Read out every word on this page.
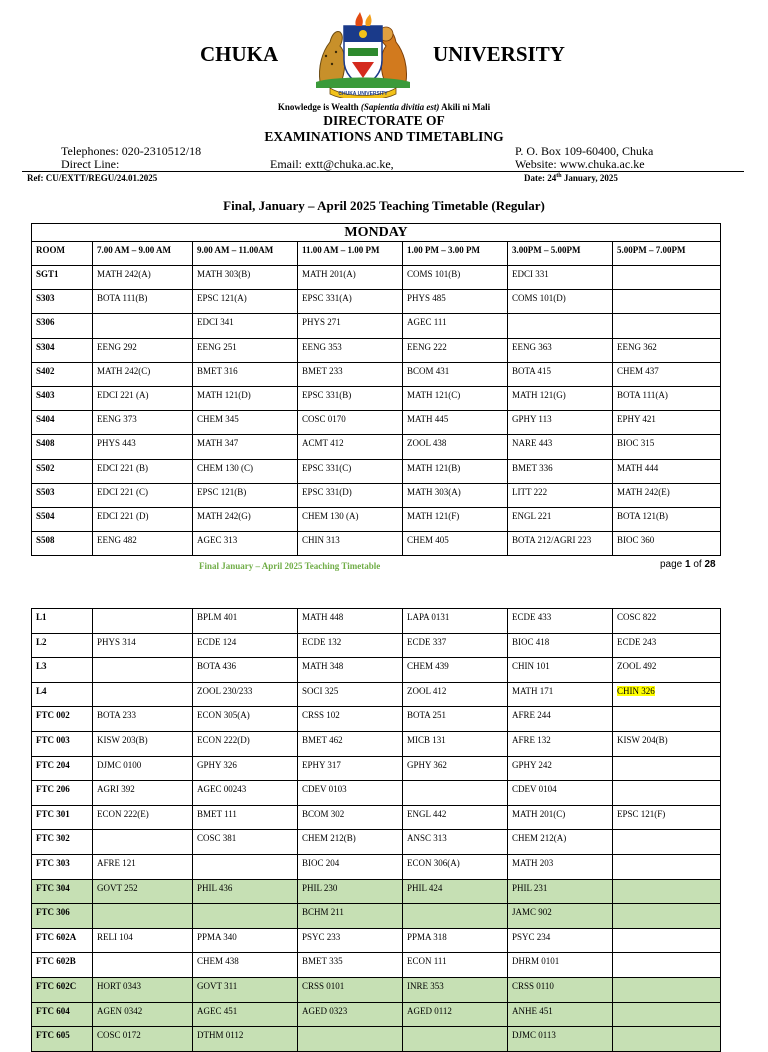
CHUKA	UNIVERSITY
CHUKA UNIVERSITY
Knowledge is Wealth (Sapientia divitia est) Akili ni Mali
DIRECTORATE OF
EXAMINATIONS AND TIMETABLING
Telephones: 020-2310512/18
Direct Line:	Email: extt@chuka.ac.ke,
P. O. Box 109-60400, Chuka
Website: www.chuka.ac.ke
Ref: CU/EXTT/REGU/24.01.2025	Date: 24th January, 2025
Final, January – April 2025 Teaching Timetable (Regular)
MONDAY						
ROOM	7.00 AM – 9.00 AM	9.00 AM – 11.00AM	11.00 AM – 1.00 PM	1.00 PM – 3.00 PM	3.00PM – 5.00PM	5.00PM – 7.00PM
SGT1	MATH 242(A)	MATH 303(B)	MATH 201(A)	COMS 101(B)	EDCI 331	
S303	BOTA 111(B)	EPSC 121(A)	EPSC 331(A)	PHYS 485	COMS 101(D)	
S306		EDCI 341	PHYS 271	AGEC 111		
S304	EENG 292	EENG 251	EENG 353	EENG 222	EENG 363	EENG 362
S402	MATH 242(C)	BMET 316	BMET 233	BCOM 431	BOTA 415	CHEM 437
S403	EDCI 221 (A)	MATH 121(D)	EPSC 331(B)	MATH 121(C)	MATH 121(G)	BOTA 111(A)
S404	EENG 373	CHEM 345	COSC 0170	MATH 445	GPHY 113	EPHY 421
S408	PHYS 443	MATH 347	ACMT 412	ZOOL 438	NARE 443	BIOC 315
S502	EDCI 221 (B)	CHEM 130 (C)	EPSC 331(C)	MATH 121(B)	BMET 336	MATH 444
S503	EDCI 221 (C)	EPSC 121(B)	EPSC 331(D)	MATH 303(A)	LITT 222	MATH 242(E)
S504	EDCI 221 (D)	MATH 242(G)	CHEM 130 (A)	MATH 121(F)	ENGL 221	BOTA 121(B)
S508	EENG 482	AGEC 313	CHIN 313	CHEM 405	BOTA 212/AGRI 223	BIOC 360
Final January – April 2025 Teaching Timetable	page 1 of 28
L1		BPLM 401	MATH 448	LAPA 0131	ECDE 433	COSC 822
L2	PHYS 314	ECDE 124	ECDE 132	ECDE 337	BIOC 418	ECDE 243
L3		BOTA 436	MATH 348	CHEM 439	CHIN 101	ZOOL 492
L4		ZOOL 230/233	SOCI 325	ZOOL 412	MATH 171	CHIN 326
FTC 002	BOTA 233	ECON 305(A)	CRSS 102	BOTA 251	AFRE 244	
FTC 003	KISW 203(B)	ECON 222(D)	BMET 462	MICB 131	AFRE 132	KISW 204(B)
FTC 204	DJMC 0100	GPHY 326	EPHY 317	GPHY 362	GPHY 242	
FTC 206	AGRI 392	AGEC 00243	CDEV 0103		CDEV 0104	
FTC 301	ECON 222(E)	BMET 111	BCOM 302	ENGL 442	MATH 201(C)	EPSC 121(F)
FTC 302		COSC 381	CHEM 212(B)	ANSC 313	CHEM 212(A)	
FTC 303	AFRE 121		BIOC 204	ECON 306(A)	MATH 203	
FTC 304	GOVT 252	PHIL 436	PHIL 230	PHIL 424	PHIL 231	
FTC 306			BCHM 211		JAMC 902	
FTC 602A	RELI 104	PPMA 340	PSYC 233	PPMA 318	PSYC 234	
FTC 602B		CHEM 438	BMET 335	ECON 111	DHRM 0101	
FTC 602C	HORT 0343	GOVT 311	CRSS 0101	INRE 353	CRSS 0110	
FTC 604	AGEN 0342	AGEC 451	AGED 0323	AGED 0112	ANHE 451	
FTC 605	COSC 0172	DTHM 0112			DJMC 0113	
